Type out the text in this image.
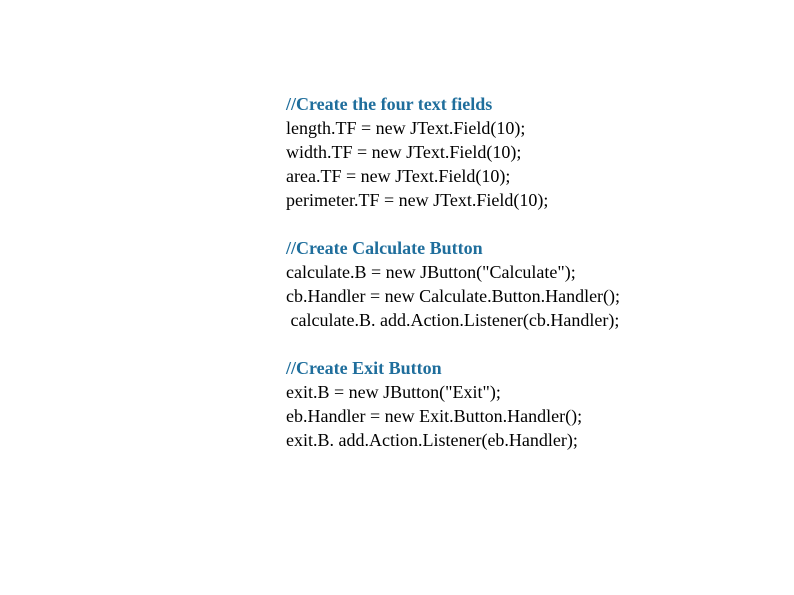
//Create the four text fields
length.TF = new JText.Field(10);
width.TF = new JText.Field(10);
area.TF = new JText.Field(10);
perimeter.TF = new JText.Field(10);
//Create Calculate Button
calculate.B = new JButton("Calculate");
cb.Handler = new Calculate.Button.Handler();
calculate.B. add.Action.Listener(cb.Handler);
//Create Exit Button
exit.B = new JButton("Exit");
eb.Handler = new Exit.Button.Handler();
exit.B. add.Action.Listener(eb.Handler);
